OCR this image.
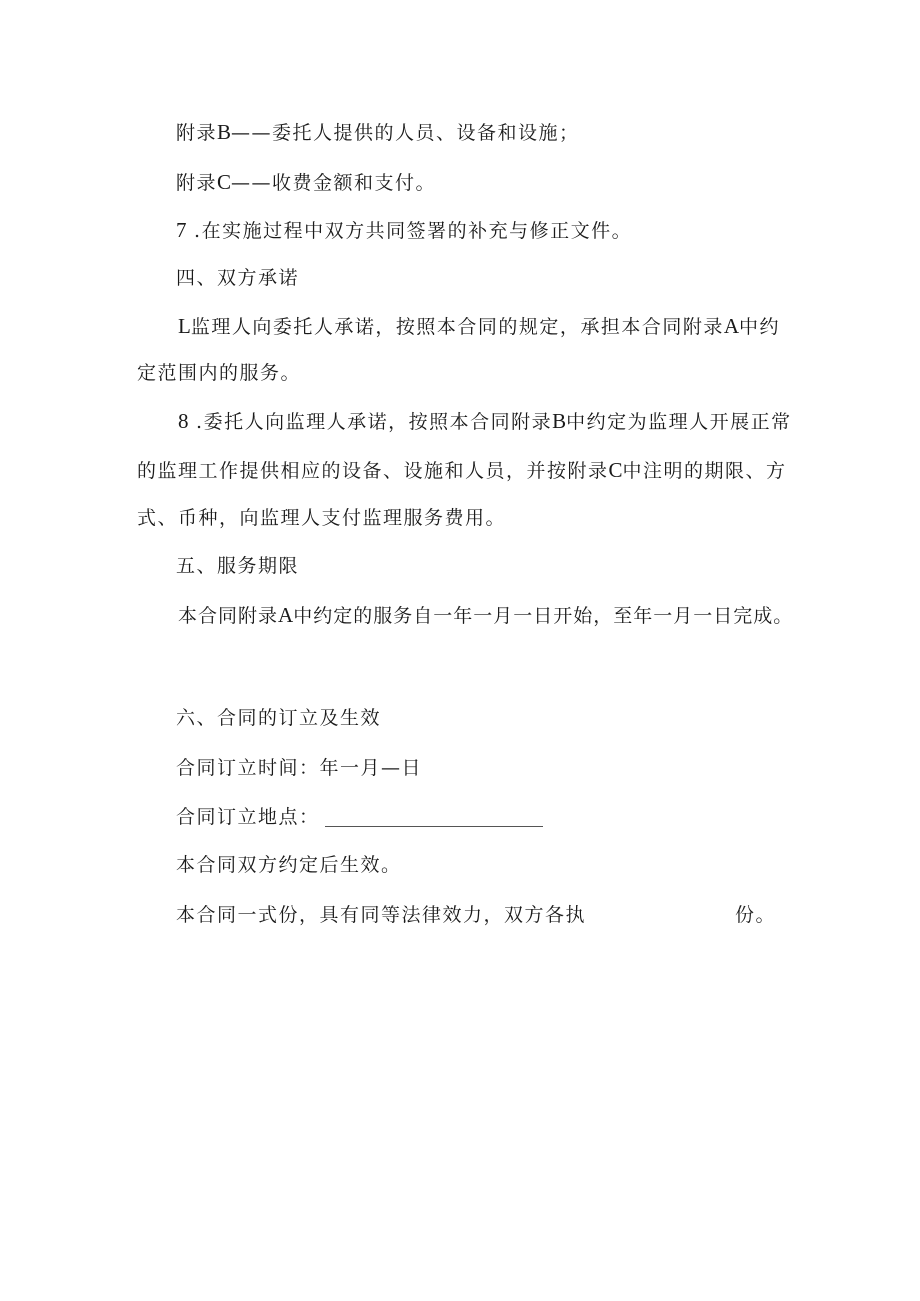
附录B——委托人提供的人员、设备和设施；
附录C——收费金额和支付。
7 .在实施过程中双方共同签署的补充与修正文件。
四、双方承诺
L监理人向委托人承诺，按照本合同的规定，承担本合同附录A中约
定范围内的服务。
8 .委托人向监理人承诺，按照本合同附录B中约定为监理人开展正常
的监理工作提供相应的设备、设施和人员，并按附录C中注明的期限、方
式、币种，向监理人支付监理服务费用。
五、服务期限
本合同附录A中约定的服务自一年一月一日开始，至年一月一日完成。
六、合同的订立及生效
合同订立时间：年一月—日
合同订立地点：
本合同双方约定后生效。
本合同一式份，具有同等法律效力，双方各执	份。
